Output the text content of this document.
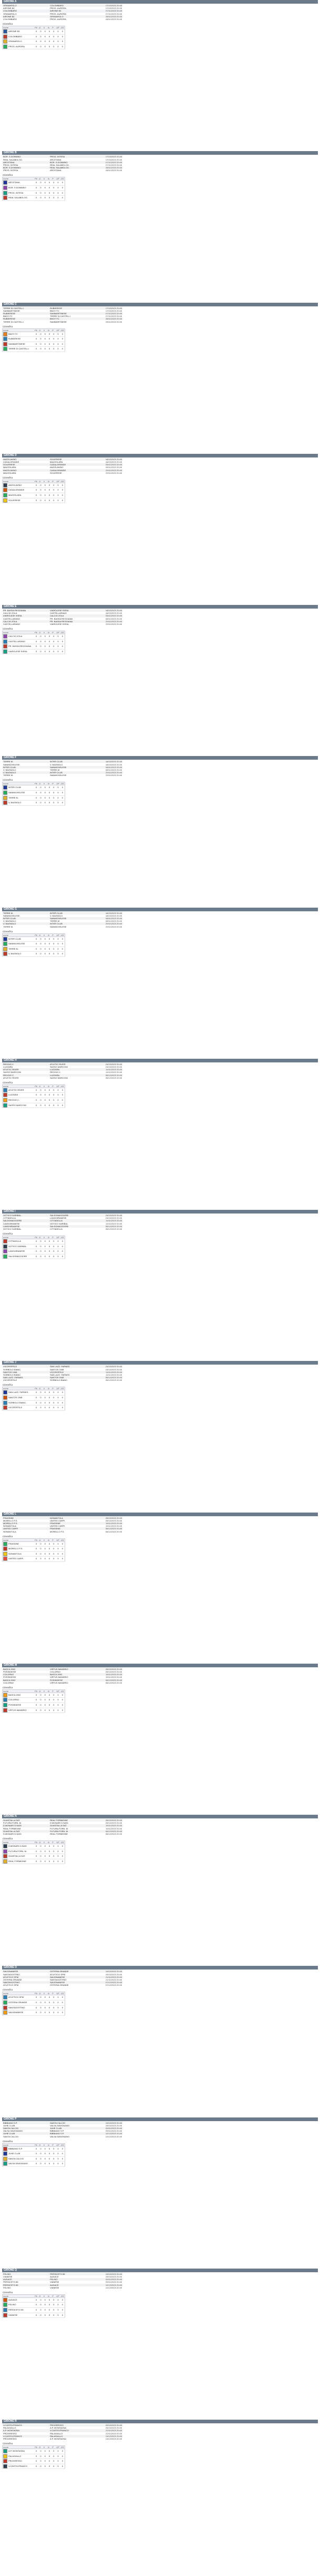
GIRONE A
GRANAROLO	COLOMBARO	17/10/2023 20:45
AIRONE B3	PROG. AURORA	17/10/2023 20:45
COLOMBARO	AIRONE B3	07/11/2023 20:45
GRANAROLO	PROG. AURORA	07/11/2023 20:45
AIRONE B3	GRANAROLO	28/11/2023 20:45
COLOMBARO	PROG. AURORA	28/11/2023 20:45
Classifica
nome	Pti	G	V	N	P	GF	GS
AIRONE B3	0	0	0	0	0	0	0
COLOMBARO	0	0	0	0	0	0	0
GRANAROLO	0	0	0	0	0	0	0
PROG. AURORA	0	0	0	0	0	0	0
GIRONE B
BOR. S.DONNINO	PROG. INTESA	17/10/2023 20:45
REAL SALABOLOG.	ARCETANA	17/10/2023 20:45
ARCETANA	BOR. S.DONNINO	07/11/2023 20:45
PROG. INTESA	REAL SALABOLOG.	07/11/2023 20:45
BOR. S.DONNINO	REAL SALABOLOG.	28/11/2023 20:45
PROG. INTESA	ARCETANA	28/11/2023 20:45
Classifica
nome	Pti	G	V	N	P	GF	GS
ARCETANA	0	0	0	0	0	0	0
BOR. S.DONNINO	0	0	0	0	0	0	0
PROG. INTESA	0	0	0	0	0	0	0
REAL SALABOLOG.	0	0	0	0	0	0	0
GIRONE C
TERRE DI CASTELLI	RUBIERESE	17/10/2023 20:45
SAMMARTINESE	BNOY FC	17/10/2023 20:45
RUBIERESE	SAMMARTINESE	07/11/2023 20:45
BNOY FC	TERRE DI CASTELLI	07/11/2023 20:45
RUBIERESE	BNOY FC	28/11/2023 20:45
TERRE DI CASTELLI	SAMMARTINESE	28/11/2023 20:45
Classifica
nome	Pti	G	V	N	P	GF	GS
BNOY FC	0	0	0	0	0	0	0
RUBIERESE	0	0	0	0	0	0	0
SAMMARTINESE	0	0	0	0	0	0	0
TERRE DI CASTELLI	0	0	0	0	0	0	0
GIRONE D
ANZOLAVINO	SOLIERESE	18/10/2023 20:45
CASALGRANDE	MAZZOLARA	18/10/2023 20:45
SOLIERESE	CASALGRANDE	08/11/2023 20:45
MAZZOLARA	ANZOLAVINO	08/11/2023 20:45
ANZOLAVINO	CASALGRANDE	29/11/2023 20:45
MAZZOLARA	SOLIERESE	29/11/2023 20:45
Classifica
nome	Pti	G	V	N	P	GF	GS
ANZOLAVINO	0	0	0	0	0	0	0
CASALGRANDE	0	0	0	0	0	0	0
MAZZOLARA	0	0	0	0	0	0	0
SOLIERESE	0	0	0	0	0	0	0
GIRONE E
PR. BASSA REGGIANA	VIAROLESE SISSA	18/10/2023 20:45
CALCIO ZOLA	CASTELLARANO	18/10/2023 20:45
VIAROLESE SISSA	CALCIO ZOLA	08/11/2023 20:45
CASTELLARANO	PR. BASSA REGGIANA	08/11/2023 20:45
CALCIO ZOLA	PR. BASSA REGGIANA	29/11/2023 20:45
CASTELLARANO	VIAROLESE SISSA	29/11/2023 20:45
Classifica
nome	Pti	G	V	N	P	GF	GS
CALCIO ZOLA	0	0	0	0	0	0	0
CASTELLARANO	0	0	0	0	0	0	0
PR. BASSA REGGIANA	0	0	0	0	0	0	0
VIAROLESE SISSA	0	0	0	0	0	0	0
GIRONE F
TERRE M.	INTER CLUB	18/10/2023 20:45
SANMICHELESE	V. BAGNOLO	18/10/2023 20:45
INTER CLUB	SANMICHELESE	08/11/2023 20:45
V. BAGNOLO	TERRE M.	08/11/2023 20:45
V. BAGNOLO	INTER CLUB	29/11/2023 20:45
TERRE M.	SANMICHELESE	29/11/2023 20:45
Classifica
nome	Pti	G	V	N	P	GF	GS
INTER CLUB	0	0	0	0	0	0	0
SANMICHELESE	0	0	0	0	0	0	0
TERRE M.	0	0	0	0	0	0	0
V. BAGNOLO	0	0	0	0	0	0	0
GIRONE G
TERRE M.	INTER CLUB	18/10/2023 20:45
SANMICHELESE	V. BAGNOLO	18/10/2023 20:45
INTER CLUB	SANMICHELESE	08/11/2023 20:45
V. BAGNOLO	TERRE M.	08/11/2023 20:45
V. BAGNOLO	INTER CLUB	29/11/2023 20:45
TERRE M.	SANMICHELESE	29/11/2023 20:45
Classifica
nome	Pti	G	V	N	P	GF	GS
INTER CLUB	0	0	0	0	0	0	0
SANMICHELESE	0	0	0	0	0	0	0
TERRE M.	0	0	0	0	0	0	0
V. BAGNOLO	0	0	0	0	0	0	0
GIRONE H
REGGIO C.	ATLETIC RIVER	24/10/2023 20:45
LUZZARA	SASSO MARCONI	24/10/2023 20:45
ATLETIC RIVER	LUZZARA	14/11/2023 20:45
SASSO MARCONI	REGGIO C.	14/11/2023 20:45
REGGIO C.	LUZZARA	05/12/2023 20:45
ATLETIC RIVER	SASSO MARCONI	05/12/2023 20:45
Classifica
nome	Pti	G	V	N	P	GF	GS
ATLETIC RIVER	0	0	0	0	0	0	0
LUZZARA	0	0	0	0	0	0	0
REGGIO C.	0	0	0	0	0	0	0
SASSO MARCONI	0	0	0	0	0	0	0
GIRONE I
GOTICO GARIBAL.	SALSOMAGGIORE	24/10/2023 20:45
CITTADELLA	LANGHIRANESE	24/10/2023 20:45
SALSOMAGGIORE	CITTADELLA	14/11/2023 20:45
LANGHIRANESE	GOTICO GARIBAL.	14/11/2023 20:45
LANGHIRANESE	SALSOMAGGIORE	05/12/2023 20:45
GOTICO GARIBAL.	CITTADELLA	05/12/2023 20:45
Classifica
nome	Pti	G	V	N	P	GF	GS
CITTADELLA	0	0	0	0	0	0	0
GOTICO GARIBAL.	0	0	0	0	0	0	0
LANGHIRANESE	0	0	0	0	0	0	0
SALSOMAGGIORE	0	0	0	0	0	0	0
GIRONE J
VICOFERTILE	SAN LAZZ. FARNES.	24/10/2023 20:45
SORBOLO BIANC.	SANTOS 1948	24/10/2023 20:45
SANTOS 1948	VICOFERTILE	14/11/2023 20:45
SORBOLO BIANC.	SAN LAZZ. FARNES.	14/11/2023 20:45
SAN LAZZ. FARNES.	SANTOS 1948	05/12/2023 20:45
VICOFERTILE	SORBOLO BIANC.	05/12/2023 20:45
Classifica
nome	Pti	G	V	N	P	GF	GS
SAN LAZZ. FARNES.	0	0	0	0	0	0	0
SANTOS 1948	0	0	0	0	0	0	0
SORBOLO BIANC.	0	0	0	0	0	0	0
VICOFERTILE	0	0	0	0	0	0	0
GIRONE L
FRASSINE	NONANTOLA	25/10/2023 20:45
MORELLO F.S.	UNITED CARPI	25/10/2023 20:45
MORELLO F.S.	FRASSINE	15/11/2023 20:45
NONANTOLA	UNITED CARPI	15/11/2023 20:45
UNITED CARPI	FRASSINE	06/12/2023 20:45
NONANTOLA	MORELLO F.S.	06/12/2023 20:45
Classifica
nome	Pti	G	V	N	P	GF	GS
FRASSINE	0	0	0	0	0	0	0
MORELLO F.S.	0	0	0	0	0	0	0
NONANTOLA	0	0	0	0	0	0	0
UNITED CARPI	0	0	0	0	0	0	0
GIRONE M
BASCA 2002	VIRTUS MANDRIO	25/10/2023 20:45
POSSIDIESE	COLORNO	25/10/2023 20:45
COLORNO	BASCA 2002	15/11/2023 20:45
POSSIDIESE	VIRTUS MANDRIO	15/11/2023 20:45
BASCA 2002	POSSIDIESE	06/12/2023 20:45
COLORNO	VIRTUS MANDRIO	06/12/2023 20:45
Classifica
nome	Pti	G	V	N	P	GF	GS
BASCA 2002	0	0	0	0	0	0	0
COLORNO	0	0	0	0	0	0	0
POSSIDIESE	0	0	0	0	0	0	0
VIRTUS MANDRIO	0	0	0	0	0	0	0
GIRONE N
GUASTALLA SAT.	REAL FORMIGINE	25/10/2023 20:45
FUTURA FORN. M.	D.MONARI G.NASI	25/10/2023 20:45
D.MONARI G.NASI	GUASTALLA SAT.	15/11/2023 20:45
REAL FORMIGINE	FUTURA FORN. M.	15/11/2023 20:45
GUASTALLA SAT.	FUTURA FORN. M.	06/12/2023 20:45
D.MONARI G.NASI	REAL FORMIGINE	06/12/2023 20:45
Classifica
nome	Pti	G	V	N	P	GF	GS
D.MONARI G.NASI	0	0	0	0	0	0	0
FUTURA FORN. M.	0	0	0	0	0	0	0
GUASTALLA SAT.	0	0	0	0	0	0	0
REAL FORMIGINE	0	0	0	0	0	0	0
GIRONE O
SAVIGNANESE	OSTERIA GRANDE	19/10/2023 20:45
SANTAGOSTINO	ATLETICO SPM	19/10/2023 20:45
ATLETICO SPM	SAVIGNANESE	21/11/2023 20:45
OSTERIA GRANDE	SANTAGOSTINO	21/11/2023 20:45
SANTAGOSTINO	SAVIGNANESE	07/12/2023 20:45
ATLETICO SPM	OSTERIA GRANDE	07/12/2023 20:45
Classifica
nome	Pti	G	V	N	P	GF	GS
ATLETICO SPM	0	0	0	0	0	0	0
OSTERIA GRANDE	0	0	0	0	0	0	0
SANTAGOSTINO	0	0	0	0	0	0	0
SAVIGNANESE	0	0	0	0	0	0	0
GIRONE P
BIBBIANO S.P.	SANTA CALCIO	19/10/2023 20:45
JUHE CLUB	VALSA SAVIGNANO	19/10/2023 20:45
SANTA CALCIO	JUHE CLUB	09/11/2023 20:45
VALSA SAVIGNANO	BIBBIANO S.P.	09/11/2023 20:45
JUHE CLUB	BIBBIANO S.P.	12/12/2023 20:45
SANTA CALCIO	VALSA SAVIGNANO	12/12/2023 20:45
Classifica
nome	Pti	G	V	N	P	GF	GS
BIBBIANO S.P.	0	0	0	0	0	0	0
JUHE CLUB	0	0	0	0	0	0	0
SANTA CALCIO	0	0	0	0	0	0	0
VALSA SAVIGNANO	0	0	0	0	0	0	0
GIRONE Q
FELINO	PERSICETO 85	19/10/2023 20:45
VIANESE	AUDACE	19/10/2023 20:45
AUDACE	FELINO	09/11/2023 20:45
PERSICETO 85	VIANESE	09/11/2023 20:45
PERSICETO 85	AUDACE	12/12/2023 20:45
FELINO	VIANESE	12/12/2023 20:45
Classifica
nome	Pti	G	V	N	P	GF	GS
AUDACE	0	0	0	0	0	0	0
FELINO	0	0	0	0	0	0	0
PERSICETO 85	0	0	0	0	0	0	0
VIANESE	0	0	0	0	0	0	0
GIRONE R
V.CASTELFRANCO	PROGRESSO	20/10/2023 20:45
PALAGIALLO	A.P. MONTAGNA	20/10/2023 20:45
A.P. MONTAGNA	V.CASTELFRANCO	22/11/2023 20:45
PROGRESSO	PALAGIALLO	22/11/2023 20:45
V.CASTELFRANCO	PALAGIALLO	13/12/2023 20:45
PROGRESSO	A.P. MONTAGNA	13/12/2023 20:45
Classifica
nome	Pti	G	V	N	P	GF	GS
A.P. MONTAGNA	0	0	0	0	0	0	0
PALAGIALLO	0	0	0	0	0	0	0
PROGRESSO	0	0	0	0	0	0	0
V.CASTELFRANCO	0	0	0	0	0	0	0
